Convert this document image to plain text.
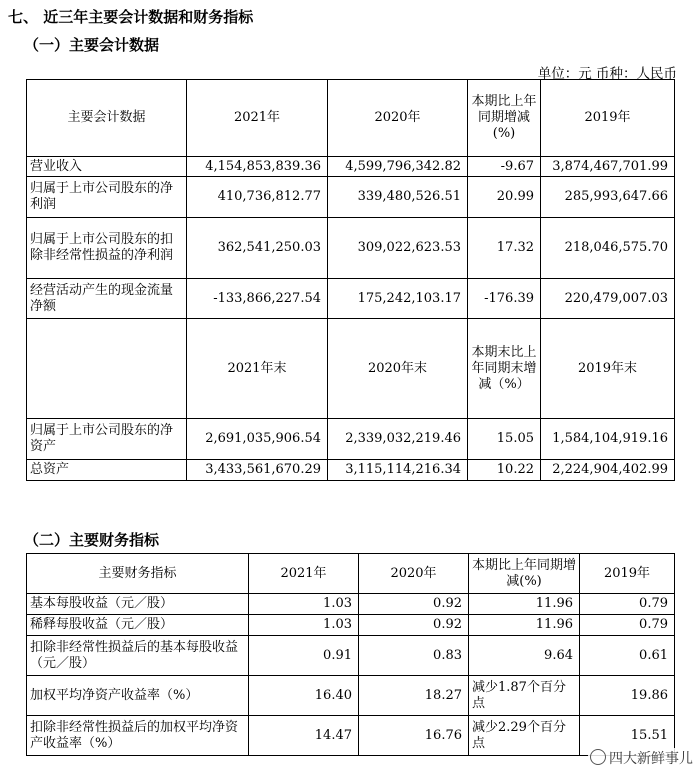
七、 近三年主要会计数据和财务指标
（一）主要会计数据
单位：元 币种：人民币
主要会计数据	2021年	2020年	本期比上年同期增减(%)	2019年
营业收入	4,154,853,839.36	4,599,796,342.82	-9.67	3,874,467,701.99
归属于上市公司股东的净利润	410,736,812.77	339,480,526.51	20.99	285,993,647.66
归属于上市公司股东的扣除非经常性损益的净利润	362,541,250.03	309,022,623.53	17.32	218,046,575.70
经营活动产生的现金流量净额	-133,866,227.54	175,242,103.17	-176.39	220,479,007.03
	2021年末	2020年末	本期末比上年同期末增减（%）	2019年末
归属于上市公司股东的净资产	2,691,035,906.54	2,339,032,219.46	15.05	1,584,104,919.16
总资产	3,433,561,670.29	3,115,114,216.34	10.22	2,224,904,402.99
（二）主要财务指标
主要财务指标	2021年	2020年	本期比上年同期增减(%)	2019年
基本每股收益（元／股）	1.03	0.92	11.96	0.79
稀释每股收益（元／股）	1.03	0.92	11.96	0.79
扣除非经常性损益后的基本每股收益（元／股）	0.91	0.83	9.64	0.61
加权平均净资产收益率（%）	16.40	18.27	减少1.87个百分点	19.86
扣除非经常性损益后的加权平均净资产收益率（%）	14.47	16.76	减少2.29个百分点	15.51
四大新鲜事儿
